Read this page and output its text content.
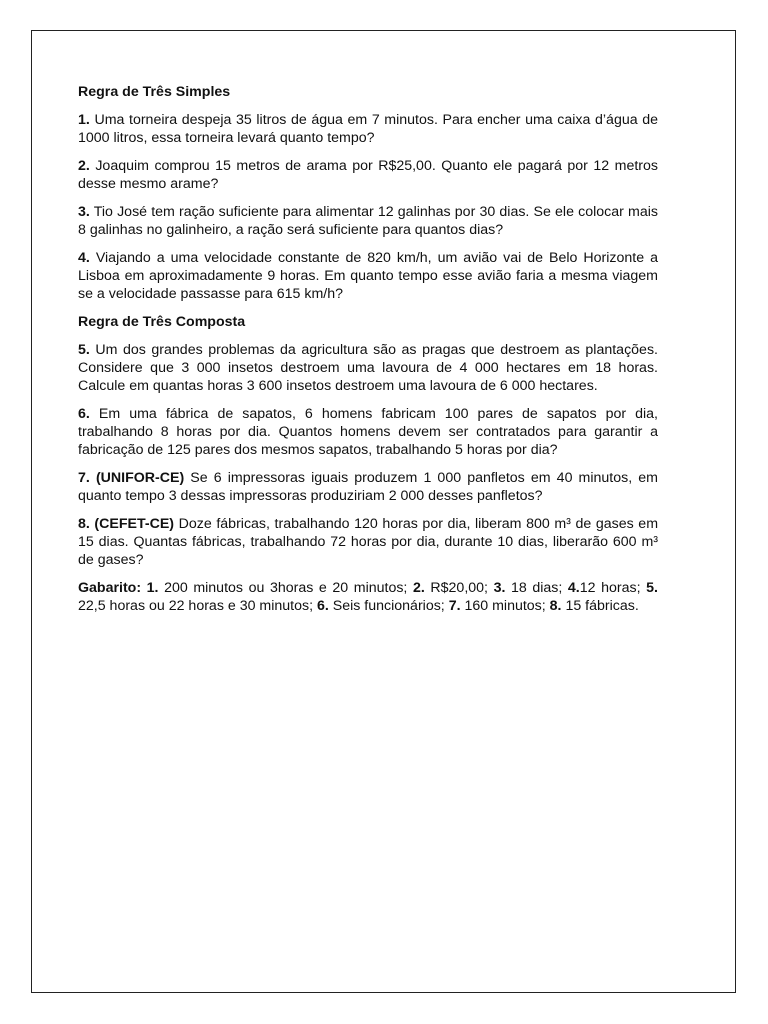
Regra de Três Simples
1. Uma torneira despeja 35 litros de água em 7 minutos. Para encher uma caixa d’água de 1000 litros, essa torneira levará quanto tempo?
2. Joaquim comprou 15 metros de arama por R$25,00. Quanto ele pagará por 12 metros desse mesmo arame?
3. Tio José tem ração suficiente para alimentar 12 galinhas por 30 dias. Se ele colocar mais 8 galinhas no galinheiro, a ração será suficiente para quantos dias?
4. Viajando a uma velocidade constante de 820 km/h, um avião vai de Belo Horizonte a Lisboa em aproximadamente 9 horas. Em quanto tempo esse avião faria a mesma viagem se a velocidade passasse para 615 km/h?
Regra de Três Composta
5. Um dos grandes problemas da agricultura são as pragas que destroem as plantações. Considere que 3 000 insetos destroem uma lavoura de 4 000 hectares em 18 horas. Calcule em quantas horas 3 600 insetos destroem uma lavoura de 6 000 hectares.
6. Em uma fábrica de sapatos, 6 homens fabricam 100 pares de sapatos por dia, trabalhando 8 horas por dia. Quantos homens devem ser contratados para garantir a fabricação de 125 pares dos mesmos sapatos, trabalhando 5 horas por dia?
7. (UNIFOR-CE) Se 6 impressoras iguais produzem 1 000 panfletos em 40 minutos, em quanto tempo 3 dessas impressoras produziriam 2 000 desses panfletos?
8. (CEFET-CE) Doze fábricas, trabalhando 120 horas por dia, liberam 800 m³ de gases em 15 dias. Quantas fábricas, trabalhando 72 horas por dia, durante 10 dias, liberarão 600 m³ de gases?
Gabarito: 1. 200 minutos ou 3horas e 20 minutos; 2. R$20,00; 3. 18 dias; 4.12 horas; 5. 22,5 horas ou 22 horas e 30 minutos; 6. Seis funcionários; 7. 160 minutos; 8. 15 fábricas.
